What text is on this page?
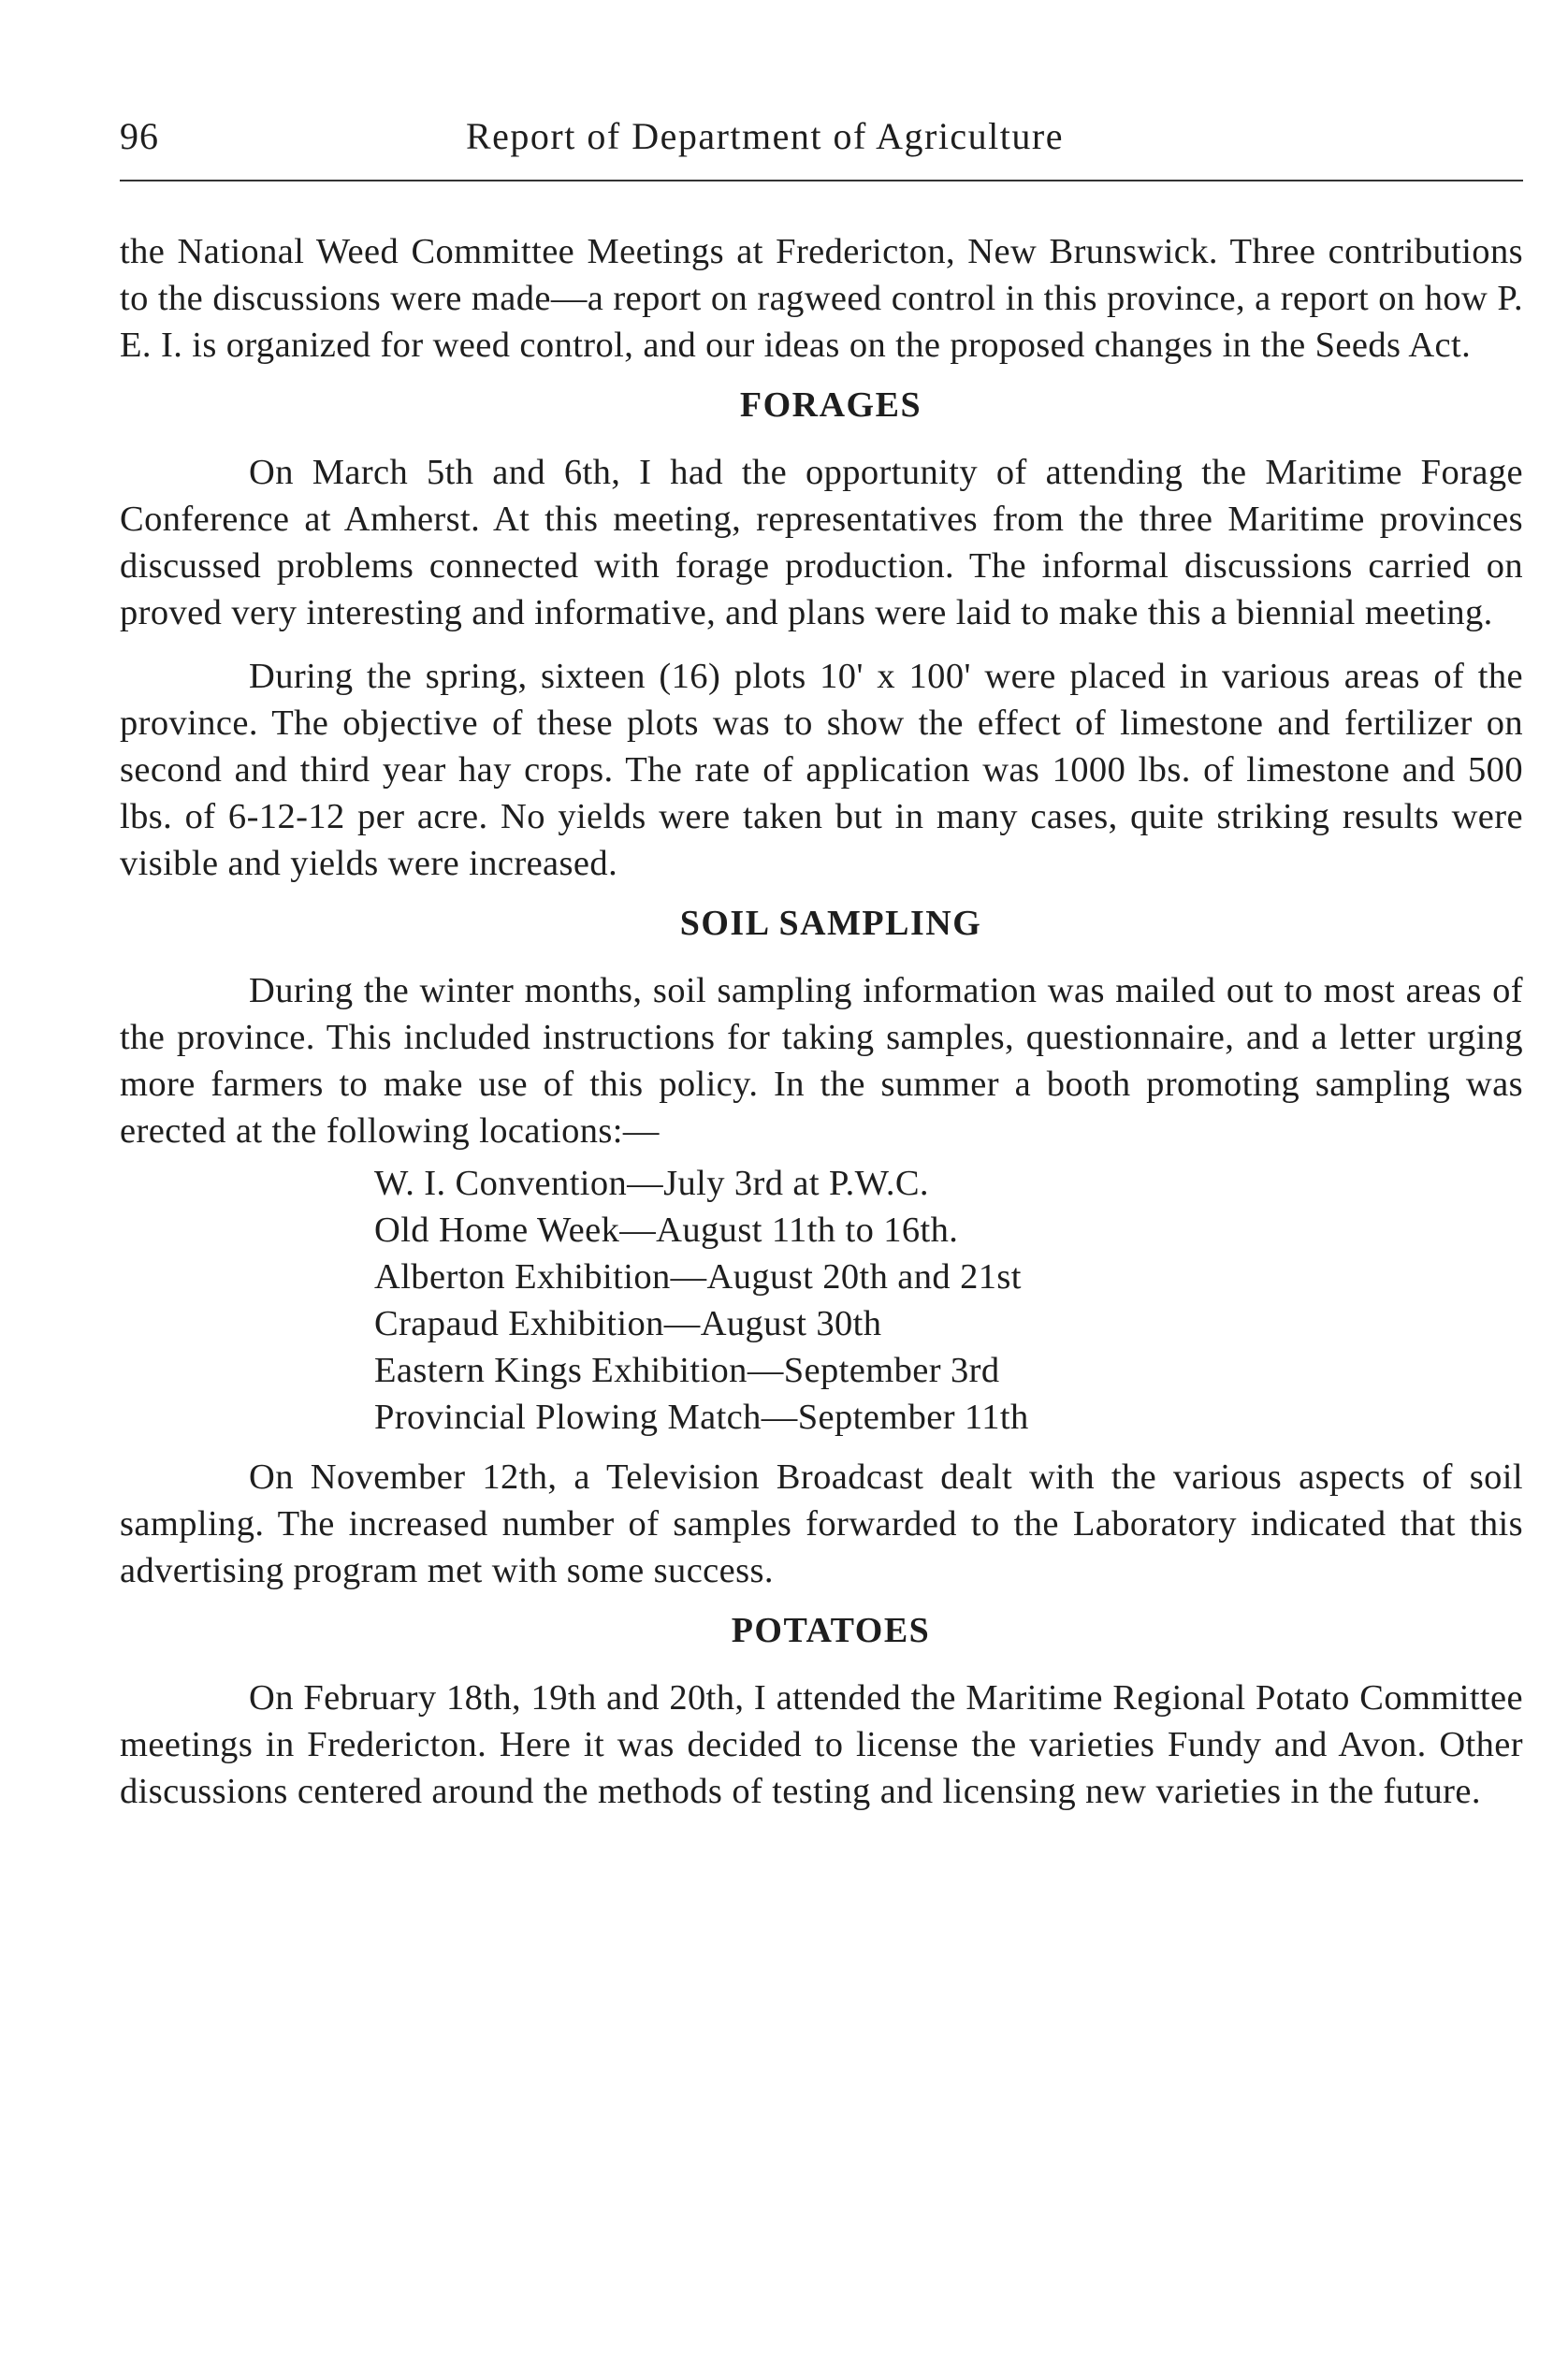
96	Report of Department of Agriculture

the National Weed Committee Meetings at Fredericton, New Brunswick. Three contributions to the discussions were made—a report on ragweed control in this province, a report on how P. E. I. is organized for weed control, and our ideas on the proposed changes in the Seeds Act.

FORAGES

On March 5th and 6th, I had the opportunity of attending the Maritime Forage Conference at Amherst. At this meeting, representatives from the three Maritime provinces discussed problems connected with forage production. The informal discussions carried on proved very interesting and informative, and plans were laid to make this a biennial meeting.

During the spring, sixteen (16) plots 10' x 100' were placed in various areas of the province. The objective of these plots was to show the effect of limestone and fertilizer on second and third year hay crops. The rate of application was 1000 lbs. of limestone and 500 lbs. of 6-12-12 per acre. No yields were taken but in many cases, quite striking results were visible and yields were increased.

SOIL SAMPLING

During the winter months, soil sampling information was mailed out to most areas of the province. This included instructions for taking samples, questionnaire, and a letter urging more farmers to make use of this policy. In the summer a booth promoting sampling was erected at the following locations:—

W. I. Convention—July 3rd at P.W.C.
Old Home Week—August 11th to 16th.
Alberton Exhibition—August 20th and 21st
Crapaud Exhibition—August 30th
Eastern Kings Exhibition—September 3rd
Provincial Plowing Match—September 11th

On November 12th, a Television Broadcast dealt with the various aspects of soil sampling. The increased number of samples forwarded to the Laboratory indicated that this advertising program met with some success.

POTATOES

On February 18th, 19th and 20th, I attended the Maritime Regional Potato Committee meetings in Fredericton. Here it was decided to license the varieties Fundy and Avon. Other discussions centered around the methods of testing and licensing new varieties in the future.
